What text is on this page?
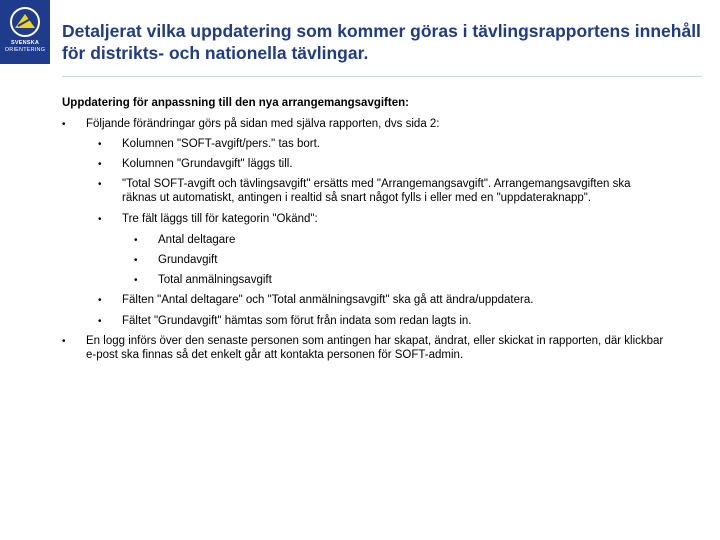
SVENSKA
ORIENTERING
Detaljerat vilka uppdatering som kommer göras i tävlingsrapportens innehåll för distrikts- och nationella tävlingar.
Uppdatering för anpassning till den nya arrangemangsavgiften:
• Följande förändringar görs på sidan med själva rapporten, dvs sida 2:
• Kolumnen "SOFT-avgift/pers." tas bort.
• Kolumnen "Grundavgift" läggs till.
• "Total SOFT-avgift och tävlingsavgift" ersätts med "Arrangemangsavgift". Arrangemangsavgiften ska räknas ut automatiskt, antingen i realtid så snart något fylls i eller med en "uppdateraknapp".
• Tre fält läggs till för kategorin "Okänd":
• Antal deltagare
• Grundavgift
• Total anmälningsavgift
• Fälten "Antal deltagare" och "Total anmälningsavgift" ska gå att ändra/uppdatera.
• Fältet "Grundavgift" hämtas som förut från indata som redan lagts in.
• En logg införs över den senaste personen som antingen har skapat, ändrat, eller skickat in rapporten, där klickbar e-post ska finnas så det enkelt går att kontakta personen för SOFT-admin.
